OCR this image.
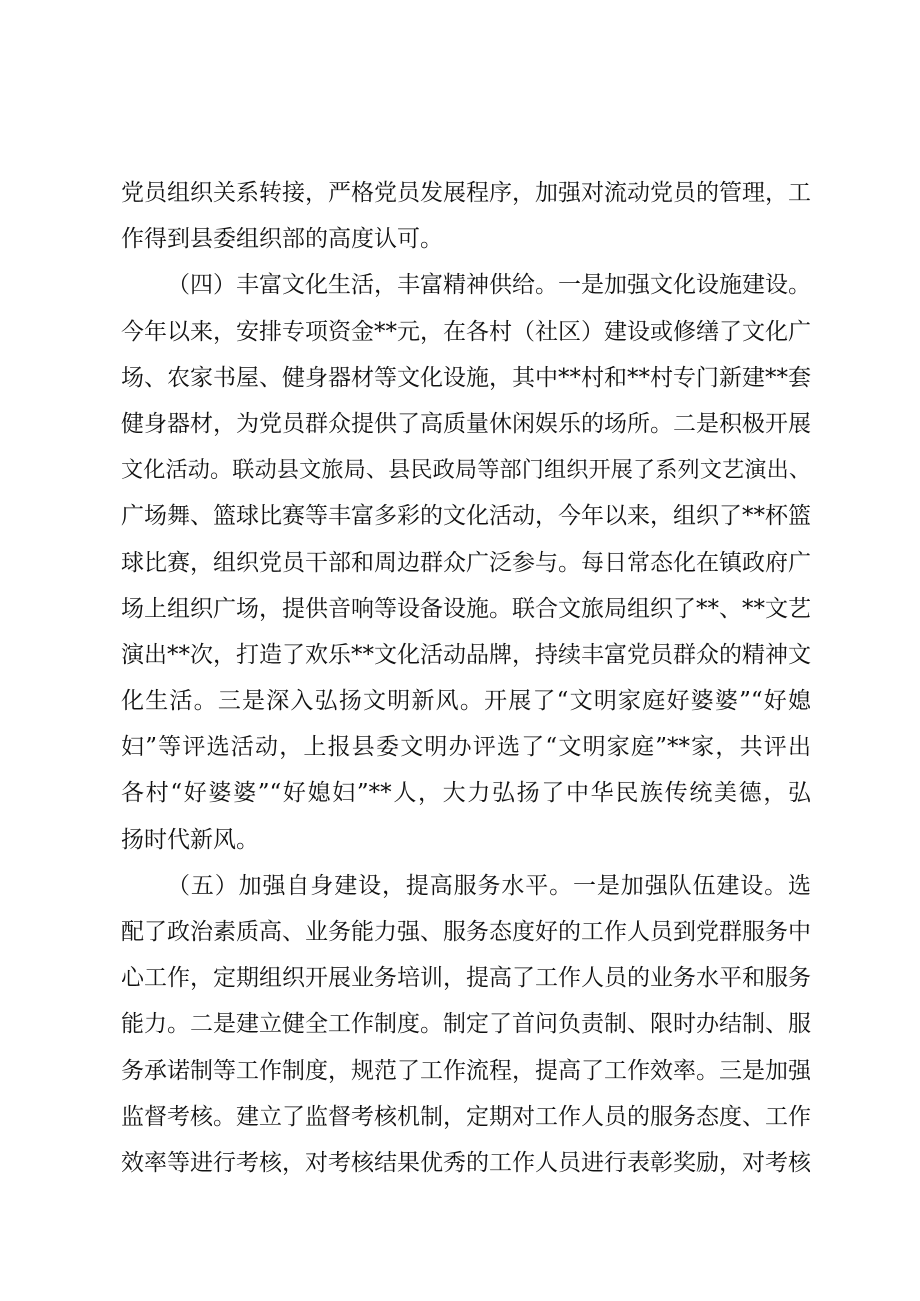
党员组织关系转接，严格党员发展程序，加强对流动党员的管理，工
作得到县委组织部的高度认可。
（四）丰富文化生活，丰富精神供给。一是加强文化设施建设。
今年以来，安排专项资金**元，在各村（社区）建设或修缮了文化广
场、农家书屋、健身器材等文化设施，其中**村和**村专门新建**套
健身器材，为党员群众提供了高质量休闲娱乐的场所。二是积极开展
文化活动。联动县文旅局、县民政局等部门组织开展了系列文艺演出、
广场舞、篮球比赛等丰富多彩的文化活动，今年以来，组织了**杯篮
球比赛，组织党员干部和周边群众广泛参与。每日常态化在镇政府广
场上组织广场，提供音响等设备设施。联合文旅局组织了**、**文艺
演出**次，打造了欢乐**文化活动品牌，持续丰富党员群众的精神文
化生活。三是深入弘扬文明新风。开展了“文明家庭好婆婆”“好媳
妇”等评选活动，上报县委文明办评选了“文明家庭”**家，共评出
各村“好婆婆”“好媳妇”**人，大力弘扬了中华民族传统美德，弘
扬时代新风。
（五）加强自身建设，提高服务水平。一是加强队伍建设。选
配了政治素质高、业务能力强、服务态度好的工作人员到党群服务中
心工作，定期组织开展业务培训，提高了工作人员的业务水平和服务
能力。二是建立健全工作制度。制定了首问负责制、限时办结制、服
务承诺制等工作制度，规范了工作流程，提高了工作效率。三是加强
监督考核。建立了监督考核机制，定期对工作人员的服务态度、工作
效率等进行考核，对考核结果优秀的工作人员进行表彰奖励，对考核
